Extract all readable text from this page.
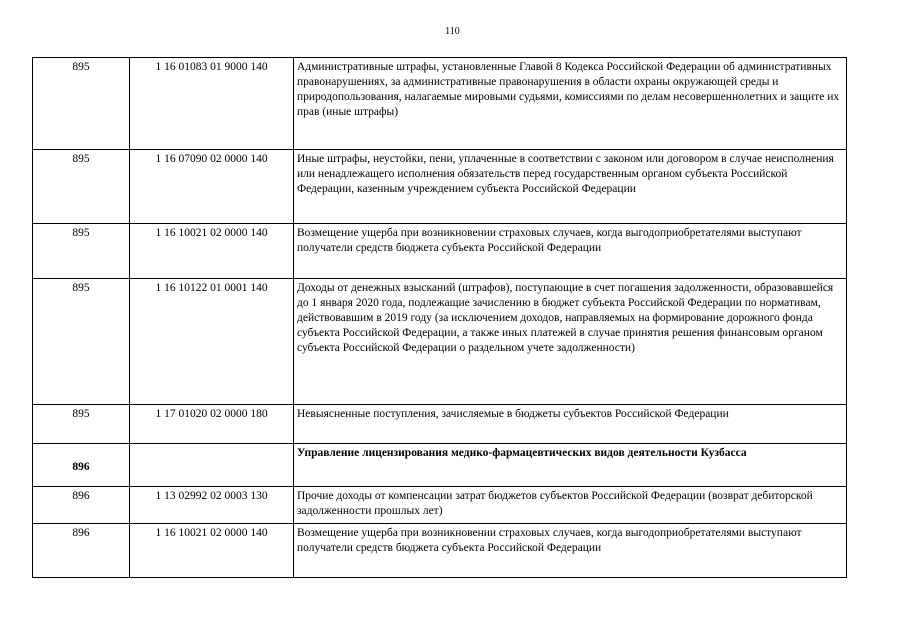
110
895	1 16 01083 01 9000 140	Административные штрафы, установленные Главой 8 Кодекса Российской Федерации об административных правонарушениях, за административные правонарушения в области охраны окружающей среды и природопользования, налагаемые мировыми судьями, комиссиями по делам несовершеннолетних и защите их прав (иные штрафы)
895	1 16 07090 02 0000 140	Иные штрафы, неустойки, пени, уплаченные в соответствии с законом или договором в случае неисполнения или ненадлежащего исполнения обязательств перед государственным органом субъекта Российской Федерации, казенным учреждением субъекта Российской Федерации
895	1 16 10021 02 0000 140	Возмещение ущерба при возникновении страховых случаев, когда выгодоприобретателями выступают получатели средств бюджета субъекта Российской Федерации
895	1 16 10122 01 0001 140	Доходы от денежных взысканий (штрафов), поступающие в счет погашения задолженности, образовавшейся до 1 января 2020 года, подлежащие зачислению в бюджет субъекта Российской Федерации по нормативам, действовавшим в 2019 году (за исключением доходов, направляемых на формирование дорожного фонда субъекта Российской Федерации, а также иных платежей в случае принятия решения финансовым органом субъекта Российской Федерации о раздельном учете задолженности)
895	1 17 01020 02 0000 180	Невыясненные поступления, зачисляемые в бюджеты субъектов Российской Федерации
896		Управление лицензирования медико-фармацевтических видов деятельности Кузбасса
896	1 13 02992 02 0003 130	Прочие доходы от компенсации затрат бюджетов субъектов Российской Федерации (возврат дебиторской задолженности прошлых лет)
896	1 16 10021 02 0000 140	Возмещение ущерба при возникновении страховых случаев, когда выгодоприобретателями выступают получатели средств бюджета субъекта Российской Федерации
